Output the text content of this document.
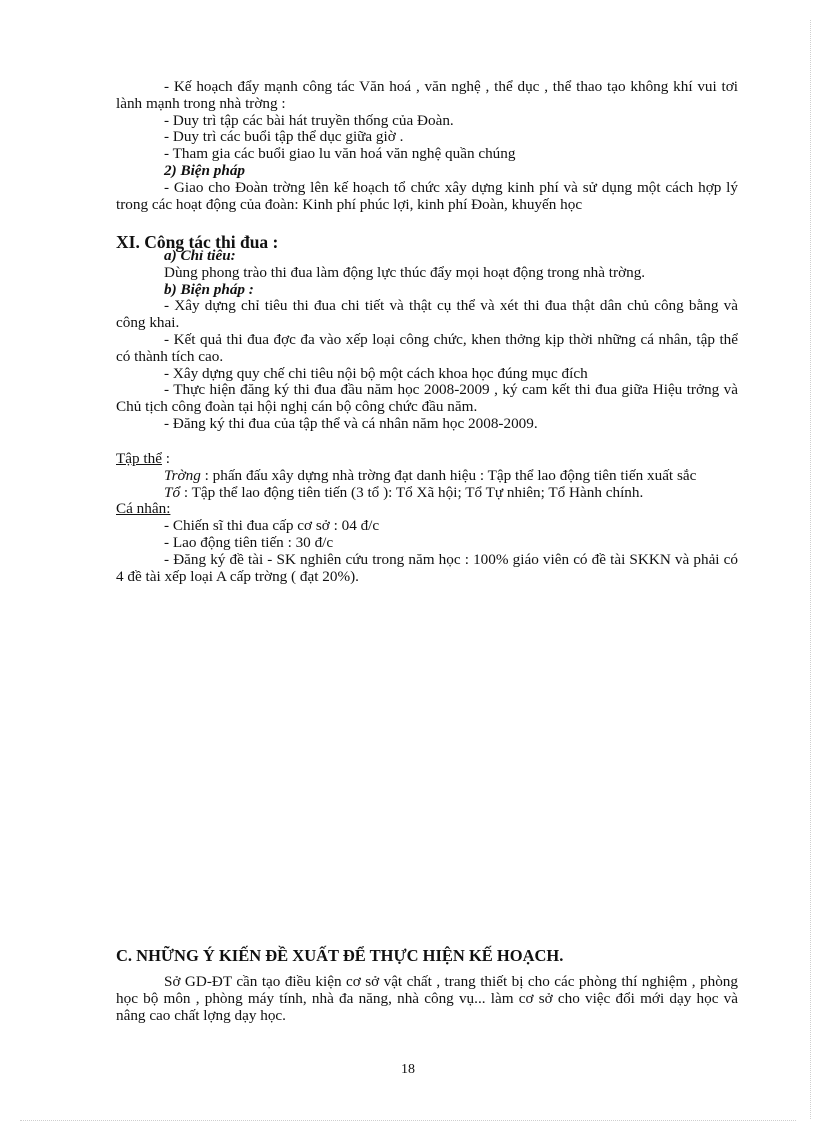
- Kế hoạch đẩy mạnh công tác Văn hoá , văn nghệ , thể dục , thể thao tạo không khí vui tơi lành mạnh trong nhà trờng :

- Duy trì tập các bài hát truyền thống của Đoàn.

- Duy trì các buổi tập thể dục giữa giờ .

- Tham gia các buổi giao lu văn hoá văn nghệ quần chúng

2) Biện pháp

- Giao cho Đoàn trờng lên kế hoạch tổ chức xây dựng kinh phí và sử dụng một cách hợp lý trong các hoạt động của đoàn: Kinh phí phúc lợi, kinh phí Đoàn, khuyến học

XI. Công tác thi đua :

a) Chỉ tiêu:

Dùng phong trào thi đua làm động lực thúc đẩy mọi hoạt động trong nhà trờng.

b) Biện pháp :

- Xây dựng chỉ tiêu thi đua chi tiết và thật cụ thể và xét thi đua thật dân chủ công bằng và công khai.

- Kết quả thi đua đợc đa vào xếp loại công chức, khen thởng kịp thời những cá nhân, tập thể có thành tích cao.

- Xây dựng quy chế chi tiêu nội bộ một cách khoa học đúng mục đích

- Thực hiện đăng ký thi đua đầu năm học 2008-2009 , ký cam kết thi đua giữa Hiệu trởng và Chủ tịch công đoàn tại hội nghị cán bộ công chức đầu năm.

- Đăng ký thi đua của tập thể và cá nhân năm học 2008-2009.

Tập thể :

Trờng : phấn đấu xây dựng nhà trờng đạt danh hiệu : Tập thể lao động tiên tiến xuất sắc

Tổ : Tập thể lao động tiên tiến (3 tổ ): Tổ Xã hội; Tổ Tự nhiên; Tổ Hành chính.

Cá nhân:

- Chiến sĩ thi đua cấp cơ sở : 04 đ/c

- Lao động tiên tiến : 30 đ/c

- Đăng ký đề tài - SK nghiên cứu trong năm học : 100% giáo viên có đề tài SKKN và phải có 4 đề tài xếp loại A cấp trờng ( đạt 20%).

C. NHỮNG Ý KIẾN ĐỀ XUẤT ĐỂ THỰC HIỆN KẾ HOẠCH.

Sở GD-ĐT cần tạo điều kiện cơ sở vật chất , trang thiết bị cho các phòng thí nghiệm , phòng học bộ môn , phòng máy tính, nhà đa năng, nhà công vụ... làm cơ sở cho việc đổi mới dạy học và nâng cao chất lợng dạy học.

18
